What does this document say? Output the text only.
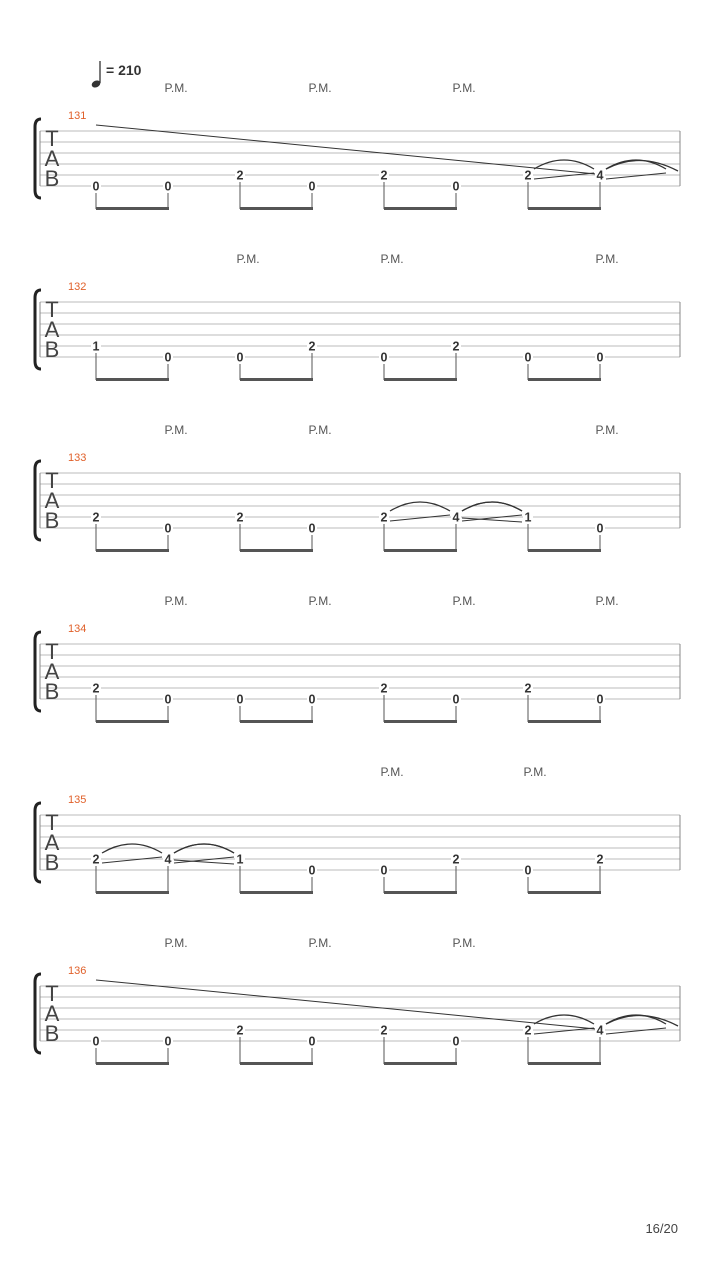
= 210
P.M.	P.M.	P.M.
131
T
A
B	0	0
2
0
2
0
2	4
P.M.	P.M.	P.M.
132
T
A
B	1
0	0
2
0
2
0	0
P.M.	P.M.	P.M.
133
T
A
B	2
0
2
0
2	4	1
0
P.M.	P.M.	P.M.	P.M.
134
T
A
B	2
0	0	0
2
0
2
0
P.M.	P.M.
135
T
A
B	2	4	1
0	0
2
0
2
P.M.	P.M.	P.M.
136
T
A
B	0	0
2
0
2
0
2	4
16/20
